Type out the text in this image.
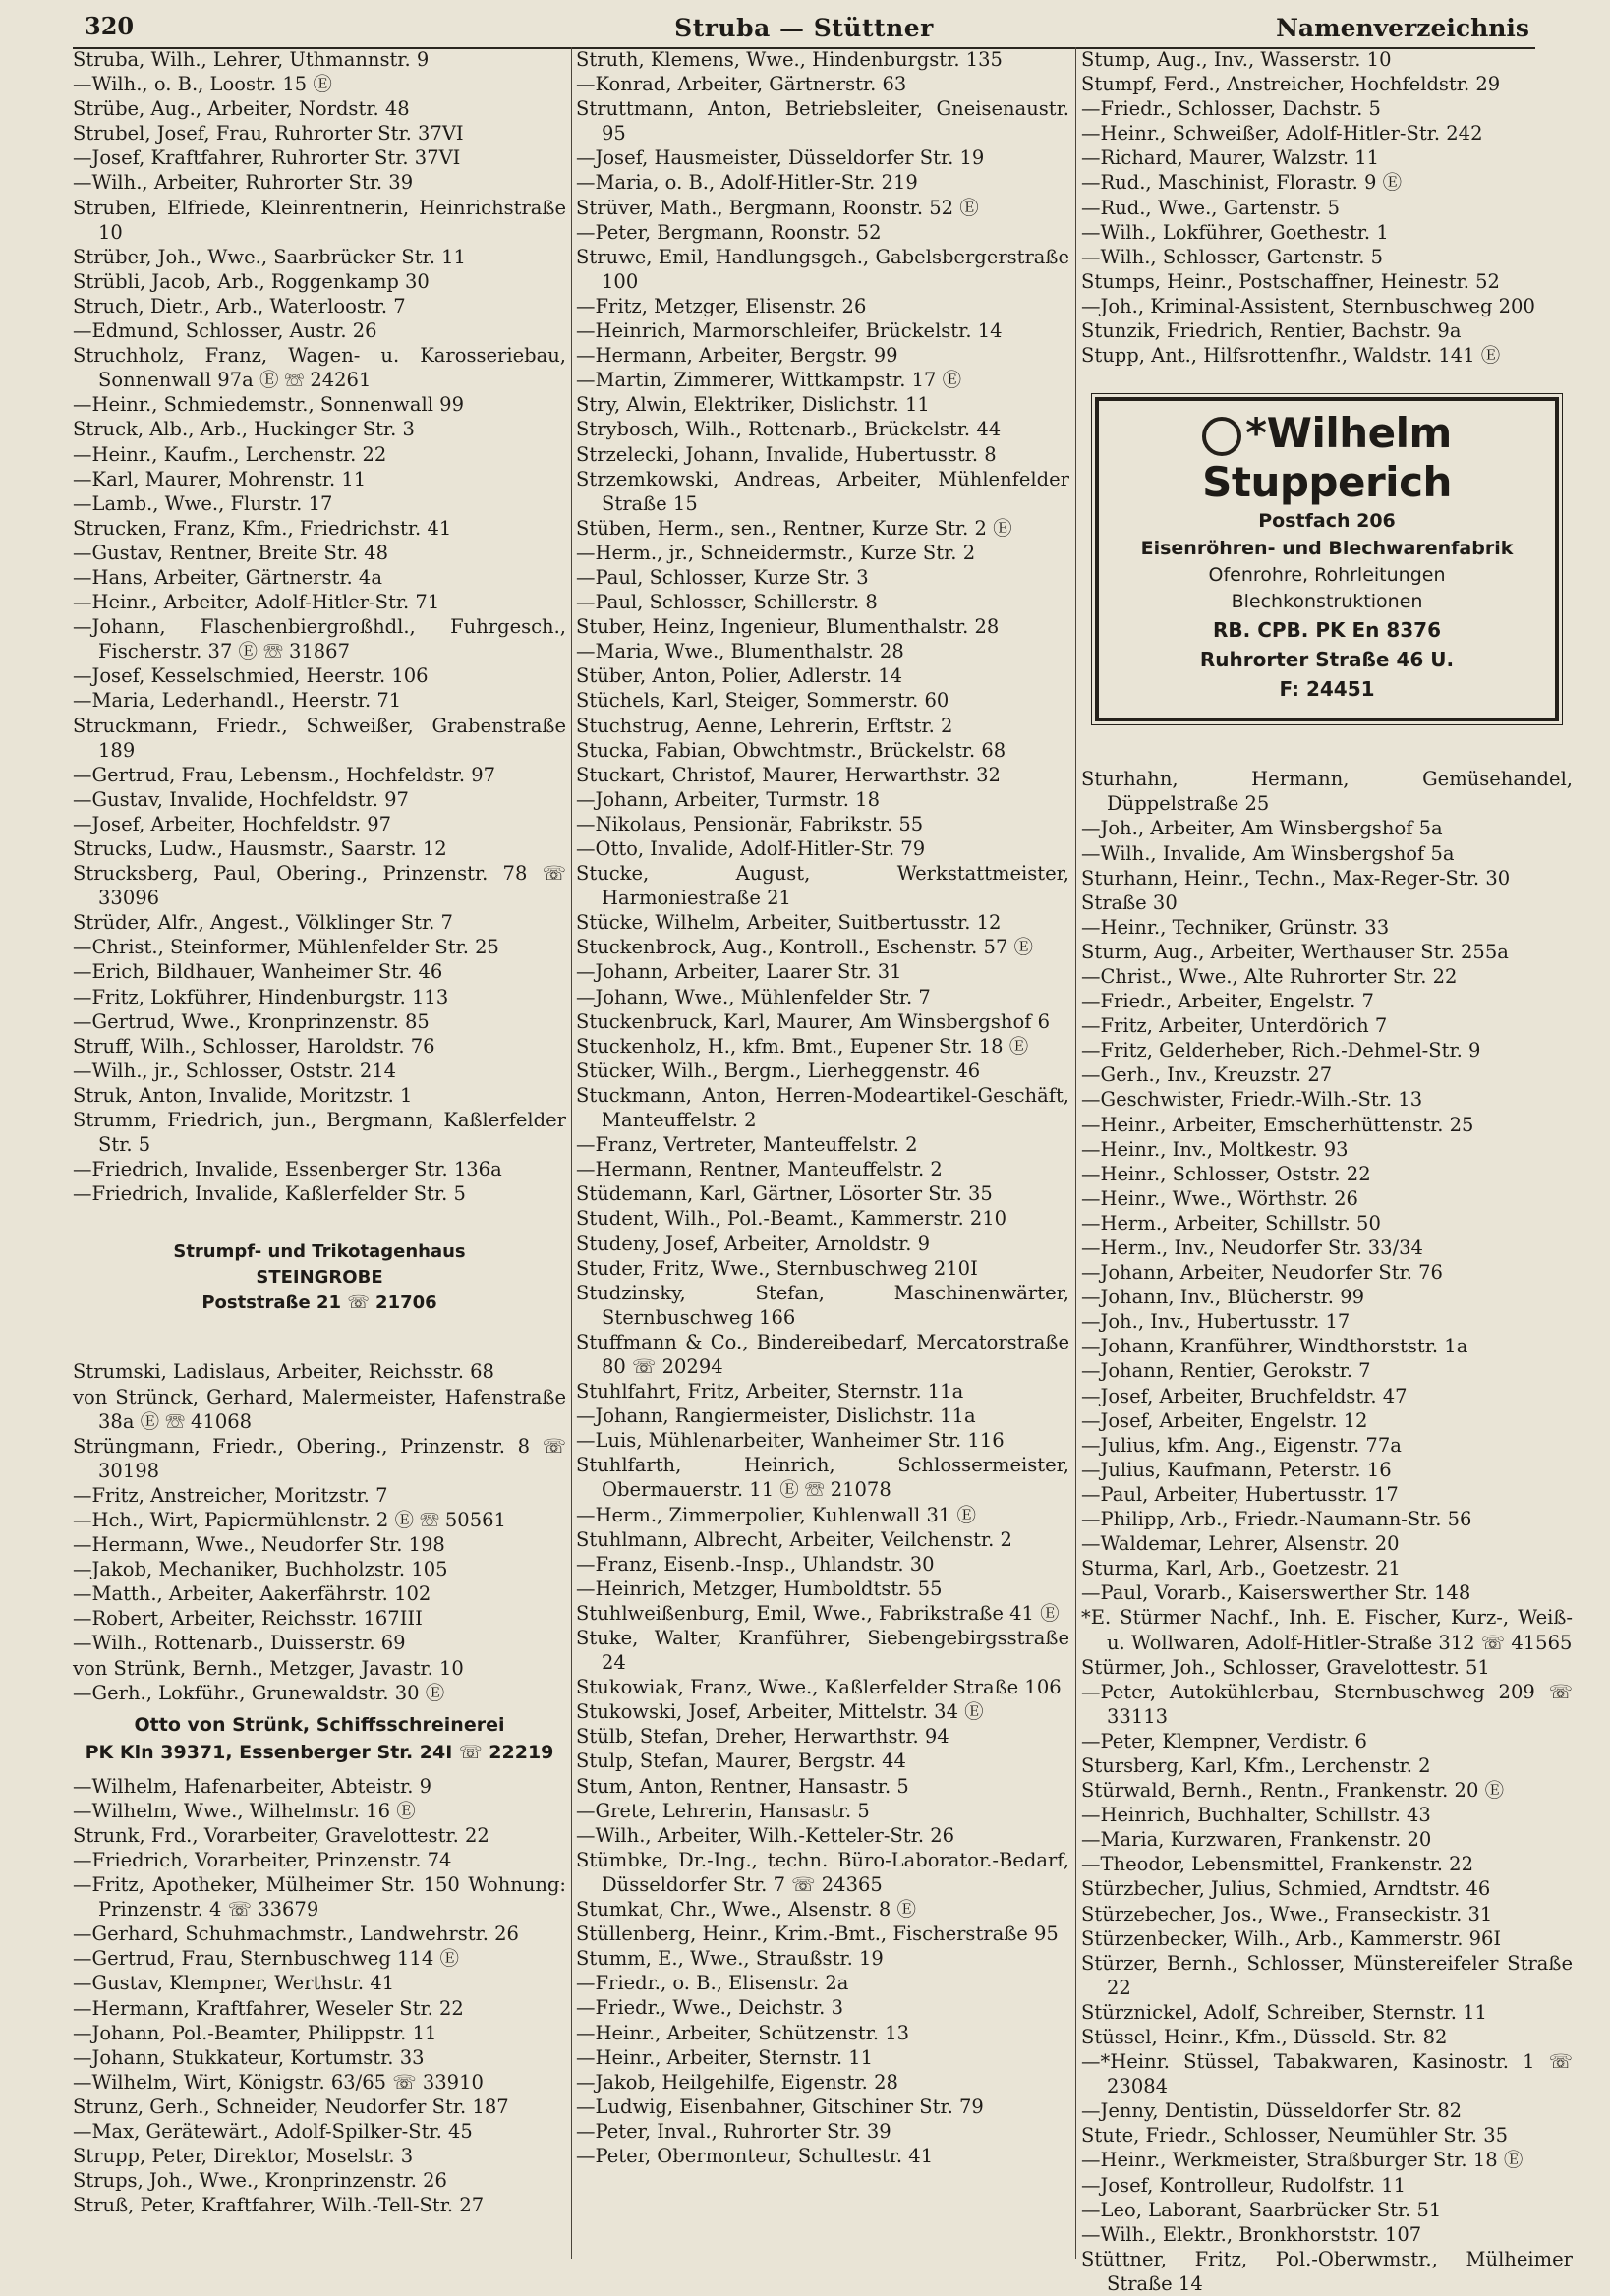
320	Struba — Stüttner	Namenverzeichnis
Struba, Wilh., Lehrer, Uthmannstr. 9
—Wilh., o. B., Loostr. 15 Ⓔ
Strübe, Aug., Arbeiter, Nordstr. 48
Strubel, Josef, Frau, Ruhrorter Str. 37VI
—Josef, Kraftfahrer, Ruhrorter Str. 37VI
—Wilh., Arbeiter, Ruhrorter Str. 39
Struben, Elfriede, Kleinrentnerin, Heinrichstraße 10
Strüber, Joh., Wwe., Saarbrücker Str. 11
Strübli, Jacob, Arb., Roggenkamp 30
Struch, Dietr., Arb., Waterloostr. 7
—Edmund, Schlosser, Austr. 26
Struchholz, Franz, Wagen- u. Karosseriebau, Sonnenwall 97a Ⓔ ☏ 24261
—Heinr., Schmiedemstr., Sonnenwall 99
Struck, Alb., Arb., Huckinger Str. 3
—Heinr., Kaufm., Lerchenstr. 22
—Karl, Maurer, Mohrenstr. 11
—Lamb., Wwe., Flurstr. 17
Strucken, Franz, Kfm., Friedrichstr. 41
—Gustav, Rentner, Breite Str. 48
—Hans, Arbeiter, Gärtnerstr. 4a
—Heinr., Arbeiter, Adolf-Hitler-Str. 71
—Johann, Flaschenbiergroßhdl., Fuhrgesch., Fischerstr. 37 Ⓔ ☏ 31867
—Josef, Kesselschmied, Heerstr. 106
—Maria, Lederhandl., Heerstr. 71
Struckmann, Friedr., Schweißer, Grabenstraße 189
—Gertrud, Frau, Lebensm., Hochfeldstr. 97
—Gustav, Invalide, Hochfeldstr. 97
—Josef, Arbeiter, Hochfeldstr. 97
Strucks, Ludw., Hausmstr., Saarstr. 12
Strucksberg, Paul, Obering., Prinzenstr. 78 ☏ 33096
Strüder, Alfr., Angest., Völklinger Str. 7
—Christ., Steinformer, Mühlenfelder Str. 25
—Erich, Bildhauer, Wanheimer Str. 46
—Fritz, Lokführer, Hindenburgstr. 113
—Gertrud, Wwe., Kronprinzenstr. 85
Struff, Wilh., Schlosser, Haroldstr. 76
—Wilh., jr., Schlosser, Oststr. 214
Struk, Anton, Invalide, Moritzstr. 1
Strumm, Friedrich, jun., Bergmann, Kaßlerfelder Str. 5
—Friedrich, Invalide, Essenberger Str. 136a
—Friedrich, Invalide, Kaßlerfelder Str. 5
Strumpf- und Trikotagenhaus
STEINGROBE
Poststraße 21 ☏ 21706
Strumski, Ladislaus, Arbeiter, Reichsstr. 68
von Strünck, Gerhard, Malermeister, Hafenstraße 38a Ⓔ ☏ 41068
Strüngmann, Friedr., Obering., Prinzenstr. 8 ☏ 30198
—Fritz, Anstreicher, Moritzstr. 7
—Hch., Wirt, Papiermühlenstr. 2 Ⓔ ☏ 50561
—Hermann, Wwe., Neudorfer Str. 198
—Jakob, Mechaniker, Buchholzstr. 105
—Matth., Arbeiter, Aakerfährstr. 102
—Robert, Arbeiter, Reichsstr. 167III
—Wilh., Rottenarb., Duisserstr. 69
von Strünk, Bernh., Metzger, Javastr. 10
—Gerh., Lokführ., Grunewaldstr. 30 Ⓔ
Otto von Strünk, Schiffsschreinerei
PK Kln 39371, Essenberger Str. 24I ☏ 22219
—Wilhelm, Hafenarbeiter, Abteistr. 9
—Wilhelm, Wwe., Wilhelmstr. 16 Ⓔ
Strunk, Frd., Vorarbeiter, Gravelottestr. 22
—Friedrich, Vorarbeiter, Prinzenstr. 74
—Fritz, Apotheker, Mülheimer Str. 150 Wohnung: Prinzenstr. 4 ☏ 33679
—Gerhard, Schuhmachmstr., Landwehrstr. 26
—Gertrud, Frau, Sternbuschweg 114 Ⓔ
—Gustav, Klempner, Werthstr. 41
—Hermann, Kraftfahrer, Weseler Str. 22
—Johann, Pol.-Beamter, Philippstr. 11
—Johann, Stukkateur, Kortumstr. 33
—Wilhelm, Wirt, Königstr. 63/65 ☏ 33910
Strunz, Gerh., Schneider, Neudorfer Str. 187
—Max, Gerätewärt., Adolf-Spilker-Str. 45
Strupp, Peter, Direktor, Moselstr. 3
Strups, Joh., Wwe., Kronprinzenstr. 26
Struß, Peter, Kraftfahrer, Wilh.-Tell-Str. 27
Struth, Klemens, Wwe., Hindenburgstr. 135
—Konrad, Arbeiter, Gärtnerstr. 63
Struttmann, Anton, Betriebsleiter, Gneisenaustr. 95
—Josef, Hausmeister, Düsseldorfer Str. 19
—Maria, o. B., Adolf-Hitler-Str. 219
Strüver, Math., Bergmann, Roonstr. 52 Ⓔ
—Peter, Bergmann, Roonstr. 52
Struwe, Emil, Handlungsgeh., Gabelsbergerstraße 100
—Fritz, Metzger, Elisenstr. 26
—Heinrich, Marmorschleifer, Brückelstr. 14
—Hermann, Arbeiter, Bergstr. 99
—Martin, Zimmerer, Wittkampstr. 17 Ⓔ
Stry, Alwin, Elektriker, Dislichstr. 11
Strybosch, Wilh., Rottenarb., Brückelstr. 44
Strzelecki, Johann, Invalide, Hubertusstr. 8
Strzemkowski, Andreas, Arbeiter, Mühlenfelder Straße 15
Stüben, Herm., sen., Rentner, Kurze Str. 2 Ⓔ
—Herm., jr., Schneidermstr., Kurze Str. 2
—Paul, Schlosser, Kurze Str. 3
—Paul, Schlosser, Schillerstr. 8
Stuber, Heinz, Ingenieur, Blumenthalstr. 28
—Maria, Wwe., Blumenthalstr. 28
Stüber, Anton, Polier, Adlerstr. 14
Stüchels, Karl, Steiger, Sommerstr. 60
Stuchstrug, Aenne, Lehrerin, Erftstr. 2
Stucka, Fabian, Obwchtmstr., Brückelstr. 68
Stuckart, Christof, Maurer, Herwarthstr. 32
—Johann, Arbeiter, Turmstr. 18
—Nikolaus, Pensionär, Fabrikstr. 55
—Otto, Invalide, Adolf-Hitler-Str. 79
Stucke, August, Werkstattmeister, Harmoniestraße 21
Stücke, Wilhelm, Arbeiter, Suitbertusstr. 12
Stuckenbrock, Aug., Kontroll., Eschenstr. 57 Ⓔ
—Johann, Arbeiter, Laarer Str. 31
—Johann, Wwe., Mühlenfelder Str. 7
Stuckenbruck, Karl, Maurer, Am Winsbergshof 6
Stuckenholz, H., kfm. Bmt., Eupener Str. 18 Ⓔ
Stücker, Wilh., Bergm., Lierheggenstr. 46
Stuckmann, Anton, Herren-Modeartikel-Geschäft, Manteuffelstr. 2
—Franz, Vertreter, Manteuffelstr. 2
—Hermann, Rentner, Manteuffelstr. 2
Stüdemann, Karl, Gärtner, Lösorter Str. 35
Student, Wilh., Pol.-Beamt., Kammerstr. 210
Studeny, Josef, Arbeiter, Arnoldstr. 9
Studer, Fritz, Wwe., Sternbuschweg 210I
Studzinsky, Stefan, Maschinenwärter, Sternbuschweg 166
Stuffmann & Co., Bindereibedarf, Mercatorstraße 80 ☏ 20294
Stuhlfahrt, Fritz, Arbeiter, Sternstr. 11a
—Johann, Rangiermeister, Dislichstr. 11a
—Luis, Mühlenarbeiter, Wanheimer Str. 116
Stuhlfarth, Heinrich, Schlossermeister, Obermauerstr. 11 Ⓔ ☏ 21078
—Herm., Zimmerpolier, Kuhlenwall 31 Ⓔ
Stuhlmann, Albrecht, Arbeiter, Veilchenstr. 2
—Franz, Eisenb.-Insp., Uhlandstr. 30
—Heinrich, Metzger, Humboldtstr. 55
Stuhlweißenburg, Emil, Wwe., Fabrikstraße 41 Ⓔ
Stuke, Walter, Kranführer, Siebengebirgsstraße 24
Stukowiak, Franz, Wwe., Kaßlerfelder Straße 106
Stukowski, Josef, Arbeiter, Mittelstr. 34 Ⓔ
Stülb, Stefan, Dreher, Herwarthstr. 94
Stulp, Stefan, Maurer, Bergstr. 44
Stum, Anton, Rentner, Hansastr. 5
—Grete, Lehrerin, Hansastr. 5
—Wilh., Arbeiter, Wilh.-Ketteler-Str. 26
Stümbke, Dr.-Ing., techn. Büro-Laborator.-Bedarf, Düsseldorfer Str. 7 ☏ 24365
Stumkat, Chr., Wwe., Alsenstr. 8 Ⓔ
Stüllenberg, Heinr., Krim.-Bmt., Fischerstraße 95
Stumm, E., Wwe., Straußstr. 19
—Friedr., o. B., Elisenstr. 2a
—Friedr., Wwe., Deichstr. 3
—Heinr., Arbeiter, Schützenstr. 13
—Heinr., Arbeiter, Sternstr. 11
—Jakob, Heilgehilfe, Eigenstr. 28
—Ludwig, Eisenbahner, Gitschiner Str. 79
—Peter, Inval., Ruhrorter Str. 39
—Peter, Obermonteur, Schultestr. 41
Stump, Aug., Inv., Wasserstr. 10
Stumpf, Ferd., Anstreicher, Hochfeldstr. 29
—Friedr., Schlosser, Dachstr. 5
—Heinr., Schweißer, Adolf-Hitler-Str. 242
—Richard, Maurer, Walzstr. 11
—Rud., Maschinist, Florastr. 9 Ⓔ
—Rud., Wwe., Gartenstr. 5
—Wilh., Lokführer, Goethestr. 1
—Wilh., Schlosser, Gartenstr. 5
Stumps, Heinr., Postschaffner, Heinestr. 52
—Joh., Kriminal-Assistent, Sternbuschweg 200
Stunzik, Friedrich, Rentier, Bachstr. 9a
Stupp, Ant., Hilfsrottenfhr., Waldstr. 141 Ⓔ
*Wilhelm Stupperich
Postfach 206
Eisenröhren- und Blechwarenfabrik
Ofenrohre, Rohrleitungen
Blechkonstruktionen
RB. CPB. PK En 8376
Ruhrorter Straße 46 U.
F: 24451
Sturhahn, Hermann, Gemüsehandel, Düppelstraße 25
—Joh., Arbeiter, Am Winsbergshof 5a
—Wilh., Invalide, Am Winsbergshof 5a
Sturhann, Heinr., Techn., Max-Reger-Str. 30
Straße 30
—Heinr., Techniker, Grünstr. 33
Sturm, Aug., Arbeiter, Werthauser Str. 255a
—Christ., Wwe., Alte Ruhrorter Str. 22
—Friedr., Arbeiter, Engelstr. 7
—Fritz, Arbeiter, Unterdörich 7
—Fritz, Gelderheber, Rich.-Dehmel-Str. 9
—Gerh., Inv., Kreuzstr. 27
—Geschwister, Friedr.-Wilh.-Str. 13
—Heinr., Arbeiter, Emscherhüttenstr. 25
—Heinr., Inv., Moltkestr. 93
—Heinr., Schlosser, Oststr. 22
—Heinr., Wwe., Wörthstr. 26
—Herm., Arbeiter, Schillstr. 50
—Herm., Inv., Neudorfer Str. 33/34
—Johann, Arbeiter, Neudorfer Str. 76
—Johann, Inv., Blücherstr. 99
—Joh., Inv., Hubertusstr. 17
—Johann, Kranführer, Windthorststr. 1a
—Johann, Rentier, Gerokstr. 7
—Josef, Arbeiter, Bruchfeldstr. 47
—Josef, Arbeiter, Engelstr. 12
—Julius, kfm. Ang., Eigenstr. 77a
—Julius, Kaufmann, Peterstr. 16
—Paul, Arbeiter, Hubertusstr. 17
—Philipp, Arb., Friedr.-Naumann-Str. 56
—Waldemar, Lehrer, Alsenstr. 20
Sturma, Karl, Arb., Goetzestr. 21
—Paul, Vorarb., Kaiserswerther Str. 148
*E. Stürmer Nachf., Inh. E. Fischer, Kurz-, Weiß- u. Wollwaren, Adolf-Hitler-Straße 312 ☏ 41565
Stürmer, Joh., Schlosser, Gravelottestr. 51
—Peter, Autokühlerbau, Sternbuschweg 209 ☏ 33113
—Peter, Klempner, Verdistr. 6
Stursberg, Karl, Kfm., Lerchenstr. 2
Stürwald, Bernh., Rentn., Frankenstr. 20 Ⓔ
—Heinrich, Buchhalter, Schillstr. 43
—Maria, Kurzwaren, Frankenstr. 20
—Theodor, Lebensmittel, Frankenstr. 22
Stürzbecher, Julius, Schmied, Arndtstr. 46
Stürzebecher, Jos., Wwe., Franseckistr. 31
Stürzenbecker, Wilh., Arb., Kammerstr. 96I
Stürzer, Bernh., Schlosser, Münstereifeler Straße 22
Stürznickel, Adolf, Schreiber, Sternstr. 11
Stüssel, Heinr., Kfm., Düsseld. Str. 82
—*Heinr. Stüssel, Tabakwaren, Kasinostr. 1 ☏ 23084
—Jenny, Dentistin, Düsseldorfer Str. 82
Stute, Friedr., Schlosser, Neumühler Str. 35
—Heinr., Werkmeister, Straßburger Str. 18 Ⓔ
—Josef, Kontrolleur, Rudolfstr. 11
—Leo, Laborant, Saarbrücker Str. 51
—Wilh., Elektr., Bronkhorststr. 107
Stüttner, Fritz, Pol.-Oberwmstr., Mülheimer Straße 14
